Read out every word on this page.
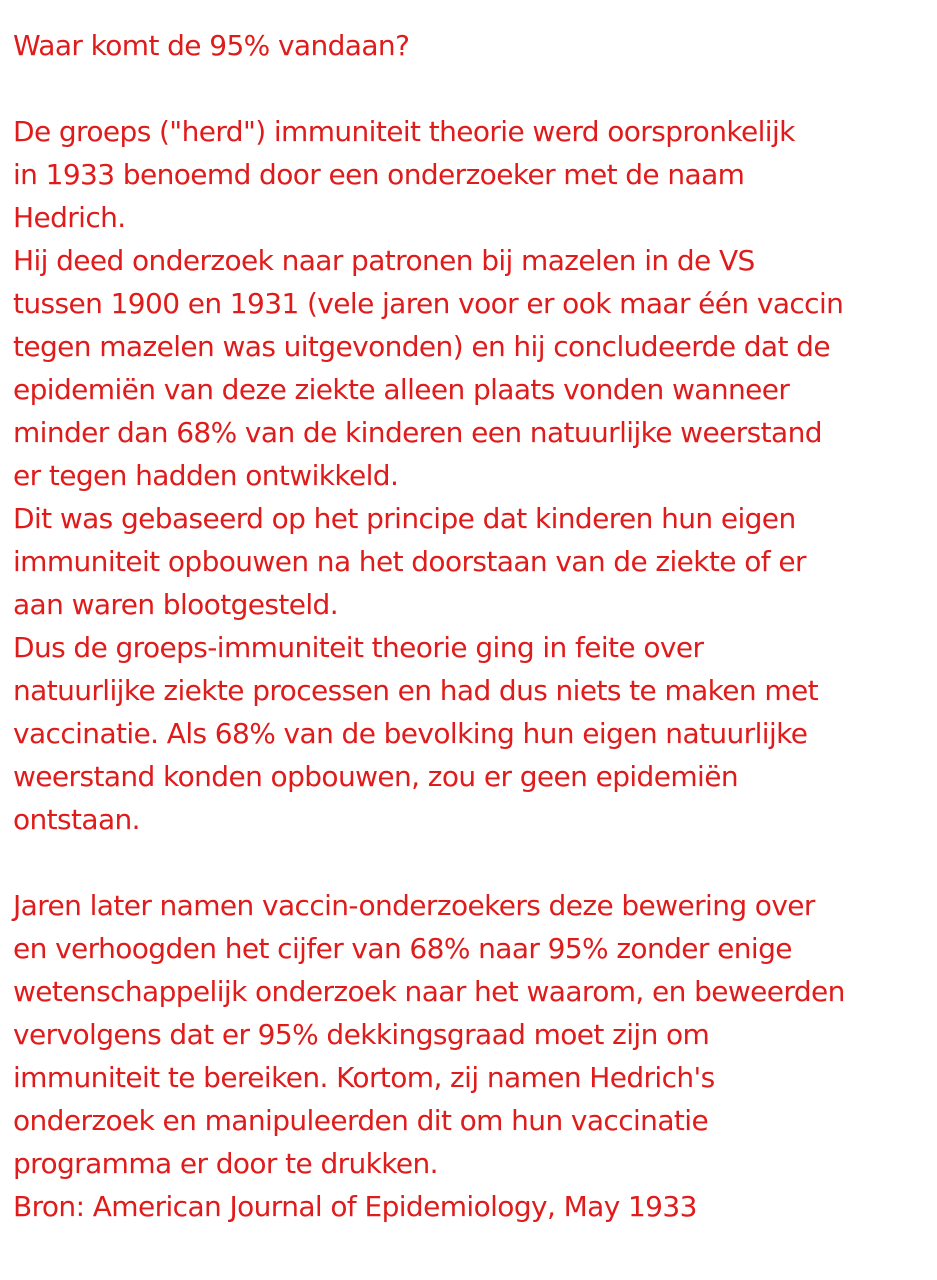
Waar komt de 95% vandaan?
De groeps ("herd") immuniteit theorie werd oorspronkelijk
in 1933 benoemd door een onderzoeker met de naam
Hedrich.
Hij deed onderzoek naar patronen bij mazelen in de VS
tussen 1900 en 1931 (vele jaren voor er ook maar één vaccin
tegen mazelen was uitgevonden) en hij concludeerde dat de
epidemiën van deze ziekte alleen plaats vonden wanneer
minder dan 68% van de kinderen een natuurlijke weerstand
er tegen hadden ontwikkeld.
Dit was gebaseerd op het principe dat kinderen hun eigen
immuniteit opbouwen na het doorstaan van de ziekte of er
aan waren blootgesteld.
Dus de groeps-immuniteit theorie ging in feite over
natuurlijke ziekte processen en had dus niets te maken met
vaccinatie. Als 68% van de bevolking hun eigen natuurlijke
weerstand konden opbouwen, zou er geen epidemiën
ontstaan.
Jaren later namen vaccin-onderzoekers deze bewering over
en verhoogden het cijfer van 68% naar 95% zonder enige
wetenschappelijk onderzoek naar het waarom, en beweerden
vervolgens dat er 95% dekkingsgraad moet zijn om
immuniteit te bereiken. Kortom, zij namen Hedrich's
onderzoek en manipuleerden dit om hun vaccinatie
programma er door te drukken.
Bron: American Journal of Epidemiology, May 1933
